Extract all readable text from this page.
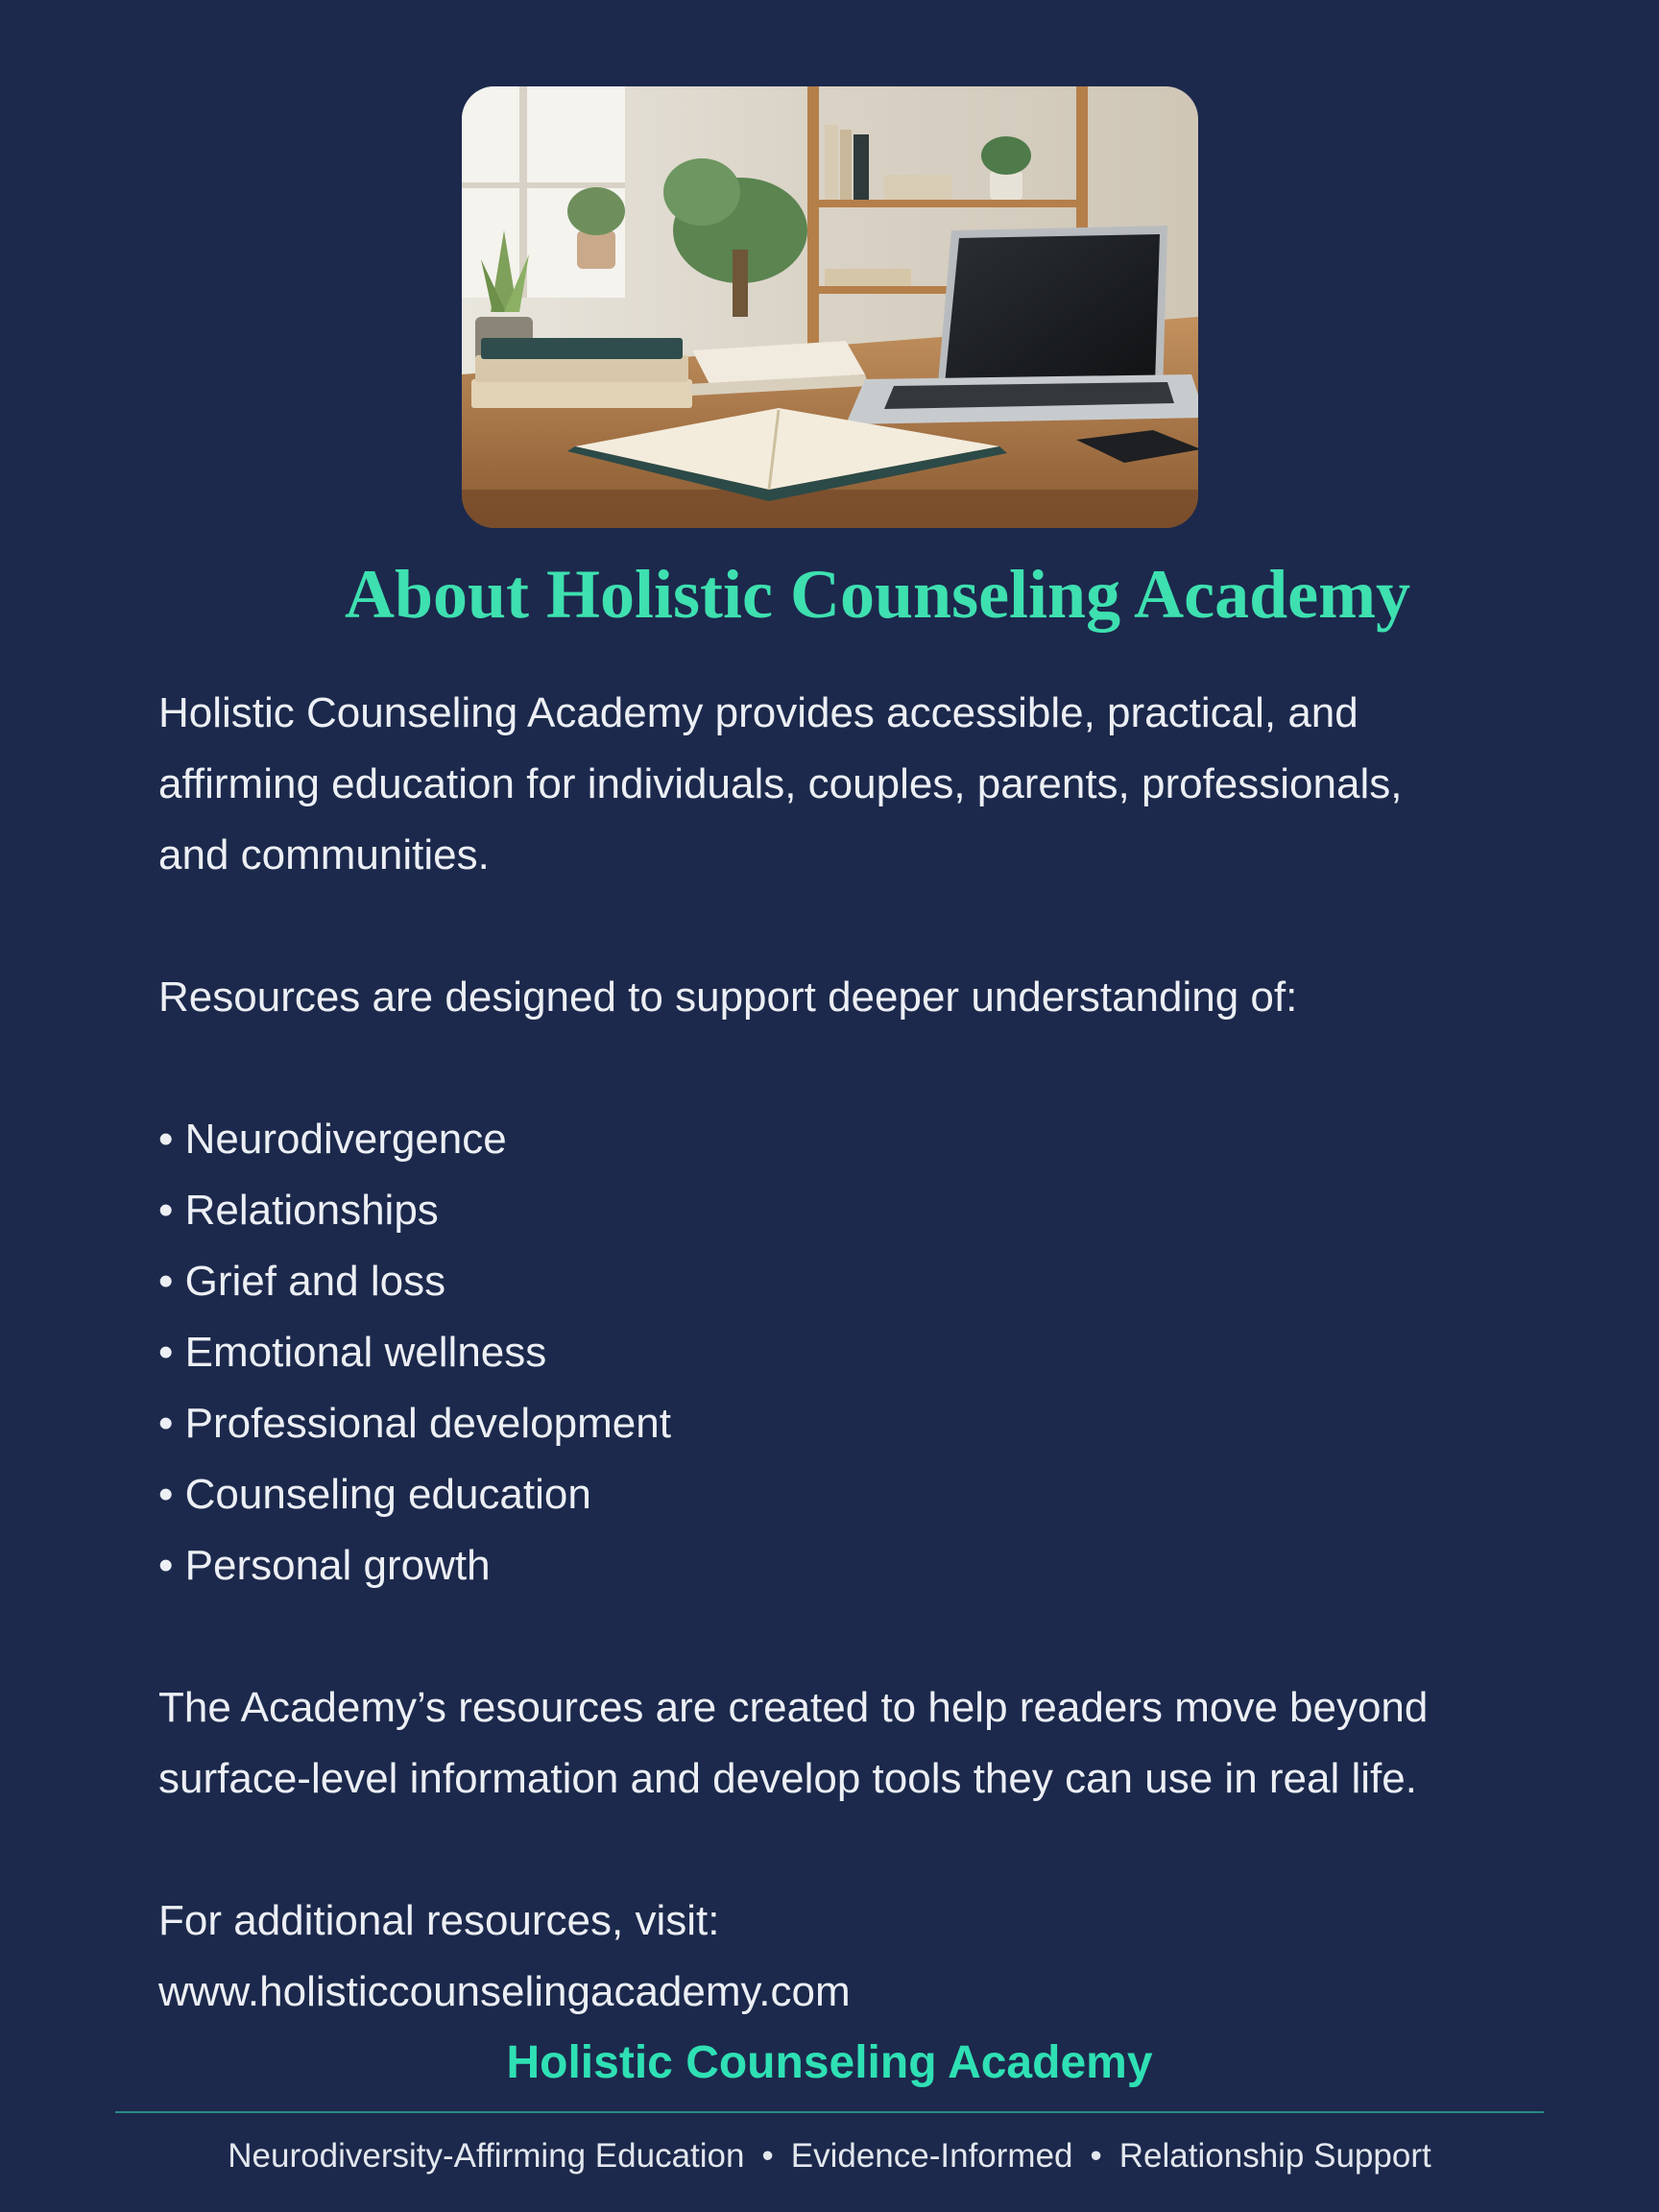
About Holistic Counseling Academy

Holistic Counseling Academy provides accessible, practical, and

affirming education for individuals, couples, parents, professionals,

and communities.

Resources are designed to support deeper understanding of:

• Neurodivergence
• Relationships
• Grief and loss
• Emotional wellness
• Professional development
• Counseling education
• Personal growth

The Academy’s resources are created to help readers move beyond

surface-level information and develop tools they can use in real life.

For additional resources, visit:

www.holisticcounselingacademy.com

Holistic Counseling Academy
Neurodiversity-Affirming Education • Evidence-Informed • Relationship Support
